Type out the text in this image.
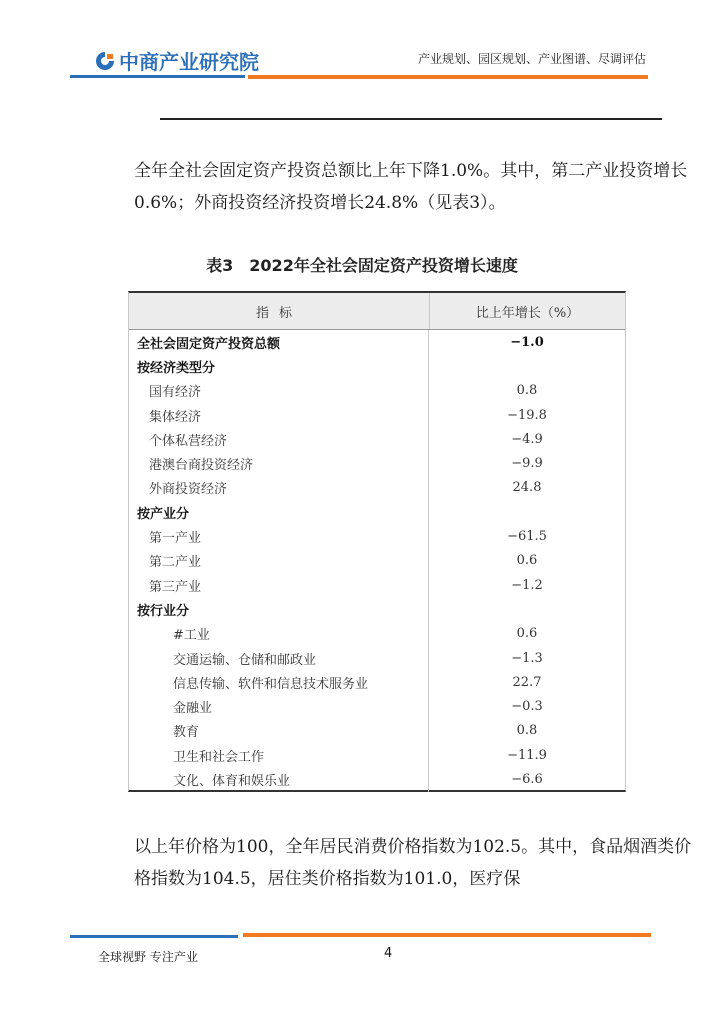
中商产业研究院	产业规划、园区规划、产业图谱、尽调评估

全年全社会固定资产投资总额比上年下降1.0%。其中，第二产业投资增长0.6%；外商投资经济投资增长24.8%（见表3）。

表3　2022年全社会固定资产投资增长速度
指标	比上年增长（%）
全社会固定资产投资总额	−1.0
按经济类型分
国有经济	0.8
集体经济	−19.8
个体私营经济	−4.9
港澳台商投资经济	−9.9
外商投资经济	24.8
按产业分
第一产业	−61.5
第二产业	0.6
第三产业	−1.2
按行业分
#工业	0.6
交通运输、仓储和邮政业	−1.3
信息传输、软件和信息技术服务业	22.7
金融业	−0.3
教育	0.8
卫生和社会工作	−11.9
文化、体育和娱乐业	−6.6

以上年价格为100，全年居民消费价格指数为102.5。其中，食品烟酒类价格指数为104.5，居住类价格指数为101.0，医疗保

全球视野 专注产业	4
